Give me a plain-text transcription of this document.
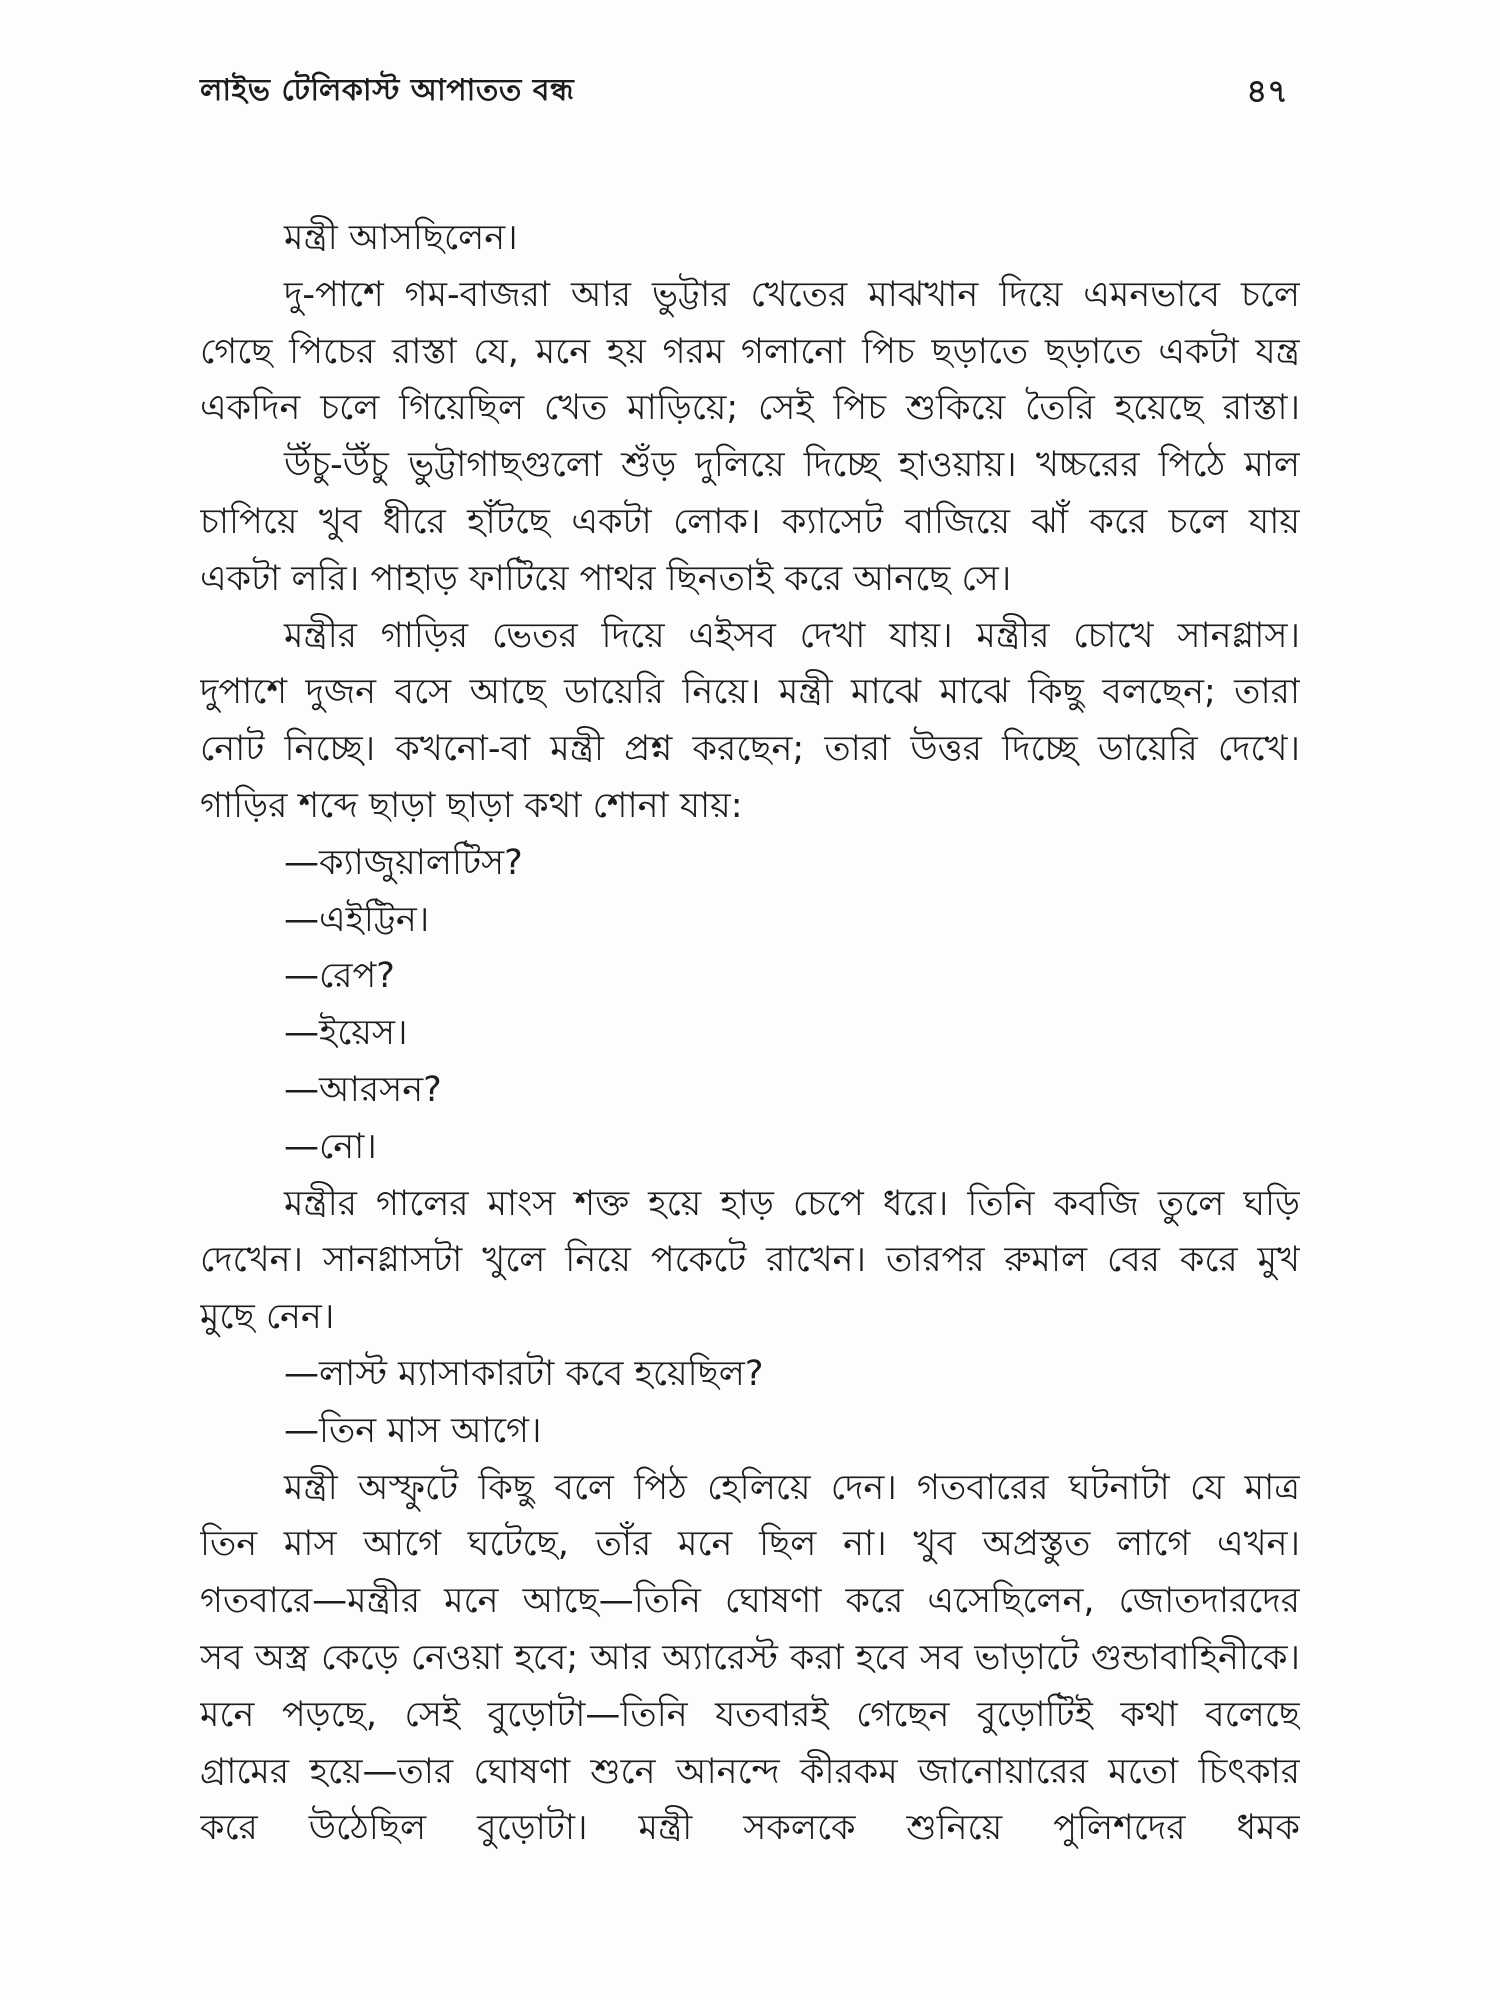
লাইভ টেলিকাস্ট আপাতত বন্ধ	৪৭
মন্ত্রী আসছিলেন।
দু-পাশে গম-বাজরা আর ভুট্টার খেতের মাঝখান দিয়ে এমনভাবে চলে
গেছে পিচের রাস্তা যে, মনে হয় গরম গলানো পিচ ছড়াতে ছড়াতে একটা যন্ত্র
একদিন চলে গিয়েছিল খেত মাড়িয়ে; সেই পিচ শুকিয়ে তৈরি হয়েছে রাস্তা।
উঁচু-উঁচু ভুট্টাগাছগুলো শুঁড় দুলিয়ে দিচ্ছে হাওয়ায়। খচ্চরের পিঠে মাল
চাপিয়ে খুব ধীরে হাঁটছে একটা লোক। ক্যাসেট বাজিয়ে ঝাঁ করে চলে যায়
একটা লরি। পাহাড় ফাটিয়ে পাথর ছিনতাই করে আনছে সে।
মন্ত্রীর গাড়ির ভেতর দিয়ে এইসব দেখা যায়। মন্ত্রীর চোখে সানগ্লাস।
দুপাশে দুজন বসে আছে ডায়েরি নিয়ে। মন্ত্রী মাঝে মাঝে কিছু বলছেন; তারা
নোট নিচ্ছে। কখনো-বা মন্ত্রী প্রশ্ন করছেন; তারা উত্তর দিচ্ছে ডায়েরি দেখে।
গাড়ির শব্দে ছাড়া ছাড়া কথা শোনা যায়:
—ক্যাজুয়ালটিস?
—এইট্টিন।
—রেপ?
—ইয়েস।
—আরসন?
—নো।
মন্ত্রীর গালের মাংস শক্ত হয়ে হাড় চেপে ধরে। তিনি কবজি তুলে ঘড়ি
দেখেন। সানগ্লাসটা খুলে নিয়ে পকেটে রাখেন। তারপর রুমাল বের করে মুখ
মুছে নেন।
—লাস্ট ম্যাসাকারটা কবে হয়েছিল?
—তিন মাস আগে।
মন্ত্রী অস্ফুটে কিছু বলে পিঠ হেলিয়ে দেন। গতবারের ঘটনাটা যে মাত্র
তিন মাস আগে ঘটেছে, তাঁর মনে ছিল না। খুব অপ্রস্তুত লাগে এখন।
গতবারে—মন্ত্রীর মনে আছে—তিনি ঘোষণা করে এসেছিলেন, জোতদারদের
সব অস্ত্র কেড়ে নেওয়া হবে; আর অ্যারেস্ট করা হবে সব ভাড়াটে গুন্ডাবাহিনীকে।
মনে পড়ছে, সেই বুড়োটা—তিনি যতবারই গেছেন বুড়োটিই কথা বলেছে
গ্রামের হয়ে—তার ঘোষণা শুনে আনন্দে কীরকম জানোয়ারের মতো চিৎকার
করে উঠেছিল বুড়োটা। মন্ত্রী সকলকে শুনিয়ে পুলিশদের ধমক
